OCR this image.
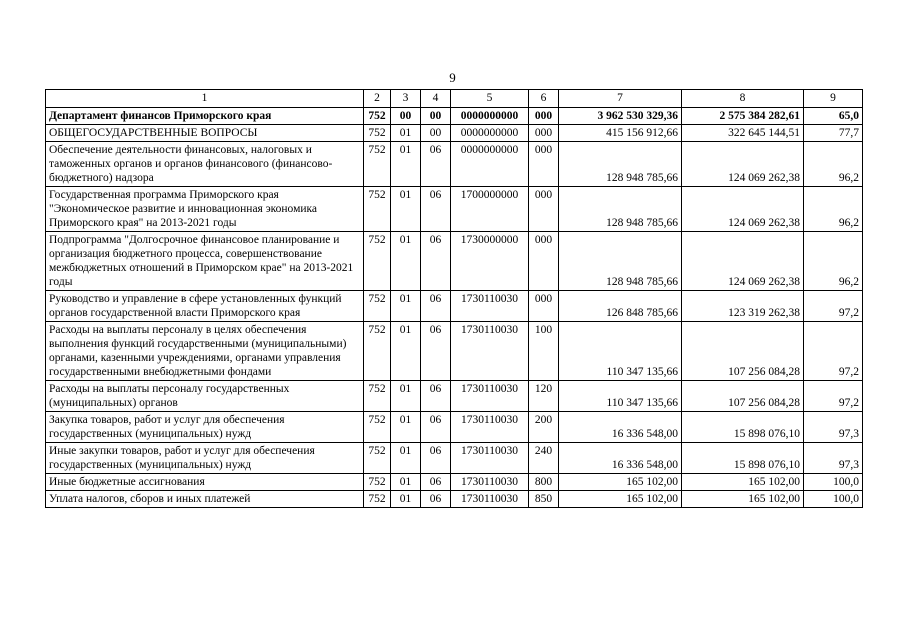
9
1	2	3	4	5	6	7	8	9
Департамент финансов Приморского края	752	00	00	0000000000	000	3 962 530 329,36	2 575 384 282,61	65,0
ОБЩЕГОСУДАРСТВЕННЫЕ ВОПРОСЫ	752	01	00	0000000000	000	415 156 912,66	322 645 144,51	77,7
Обеспечение деятельности финансовых, налоговых и таможенных органов и органов финансового (финансово-бюджетного) надзора	752	01	06	0000000000	000	128 948 785,66	124 069 262,38	96,2
Государственная программа Приморского края "Экономическое развитие и инновационная экономика Приморского края" на 2013-2021 годы	752	01	06	1700000000	000	128 948 785,66	124 069 262,38	96,2
Подпрограмма "Долгосрочное финансовое планирование и организация бюджетного процесса, совершенствование межбюджетных отношений в Приморском крае" на 2013-2021 годы	752	01	06	1730000000	000	128 948 785,66	124 069 262,38	96,2
Руководство и управление в сфере установленных функций органов государственной власти Приморского края	752	01	06	1730110030	000	126 848 785,66	123 319 262,38	97,2
Расходы на выплаты персоналу в целях обеспечения выполнения функций государственными (муниципальными) органами, казенными учреждениями, органами управления государственными внебюджетными фондами	752	01	06	1730110030	100	110 347 135,66	107 256 084,28	97,2
Расходы на выплаты персоналу государственных (муниципальных) органов	752	01	06	1730110030	120	110 347 135,66	107 256 084,28	97,2
Закупка товаров, работ и услуг для обеспечения государственных (муниципальных) нужд	752	01	06	1730110030	200	16 336 548,00	15 898 076,10	97,3
Иные закупки товаров, работ и услуг для обеспечения государственных (муниципальных) нужд	752	01	06	1730110030	240	16 336 548,00	15 898 076,10	97,3
Иные бюджетные ассигнования	752	01	06	1730110030	800	165 102,00	165 102,00	100,0
Уплата налогов, сборов и иных платежей	752	01	06	1730110030	850	165 102,00	165 102,00	100,0
